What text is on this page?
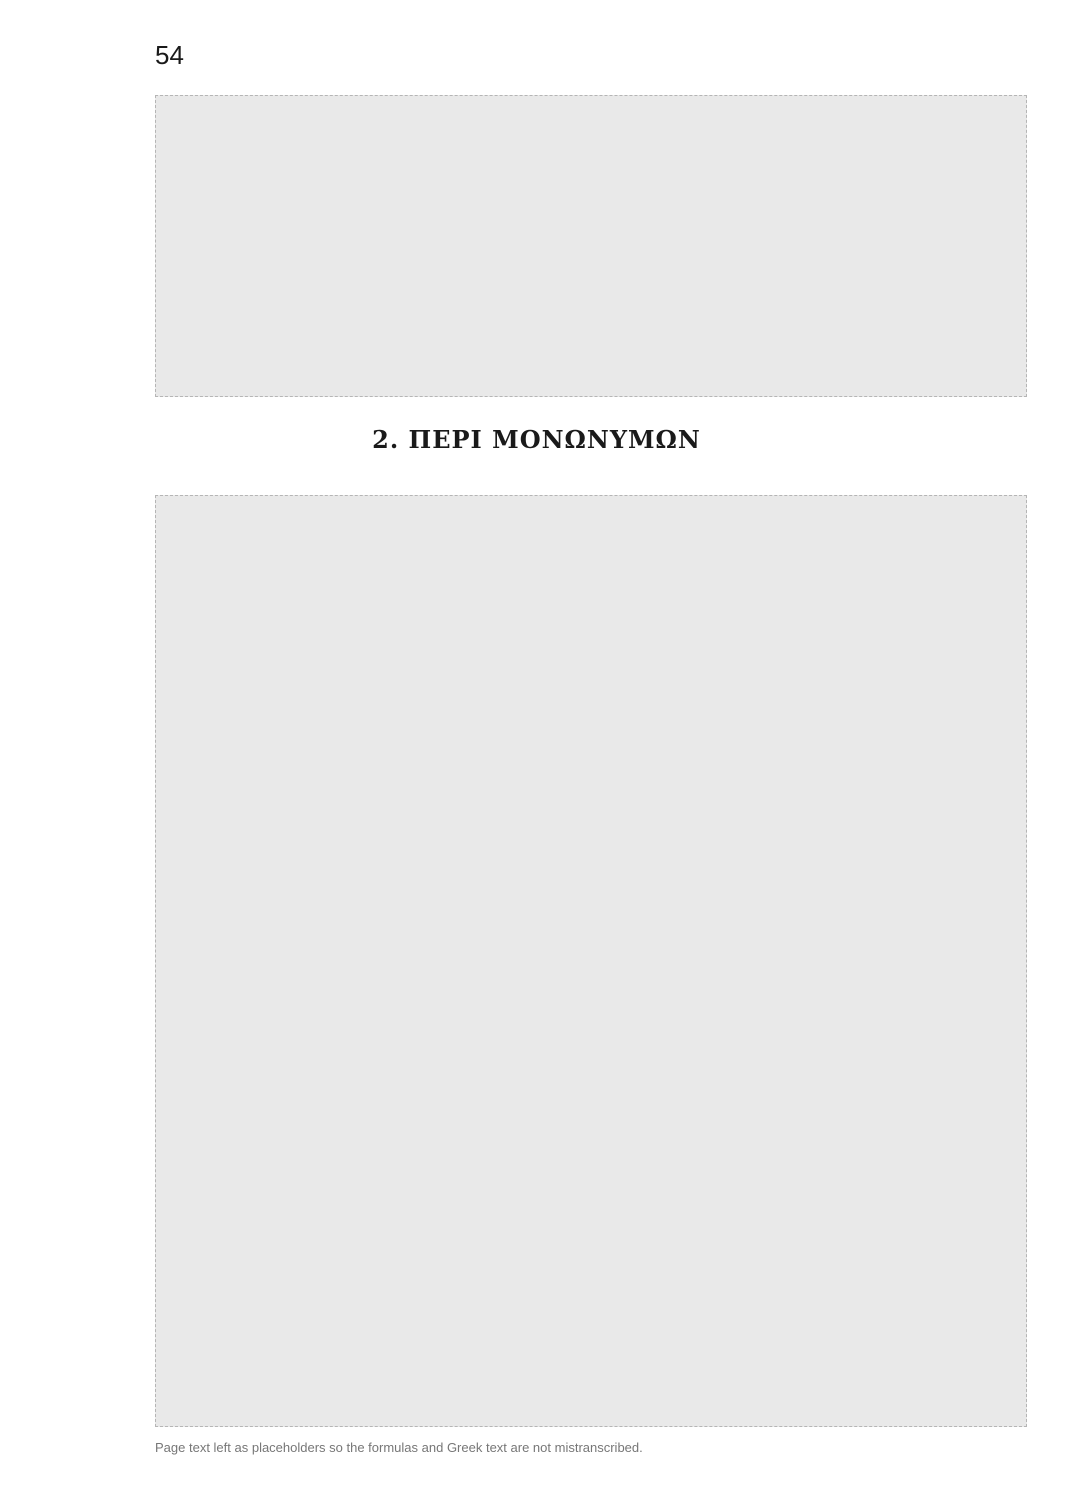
54
2. ΠΕΡΙ ΜΟΝΩΝΥΜΩΝ
Page text left as placeholders so the formulas and Greek text are not mistranscribed.
